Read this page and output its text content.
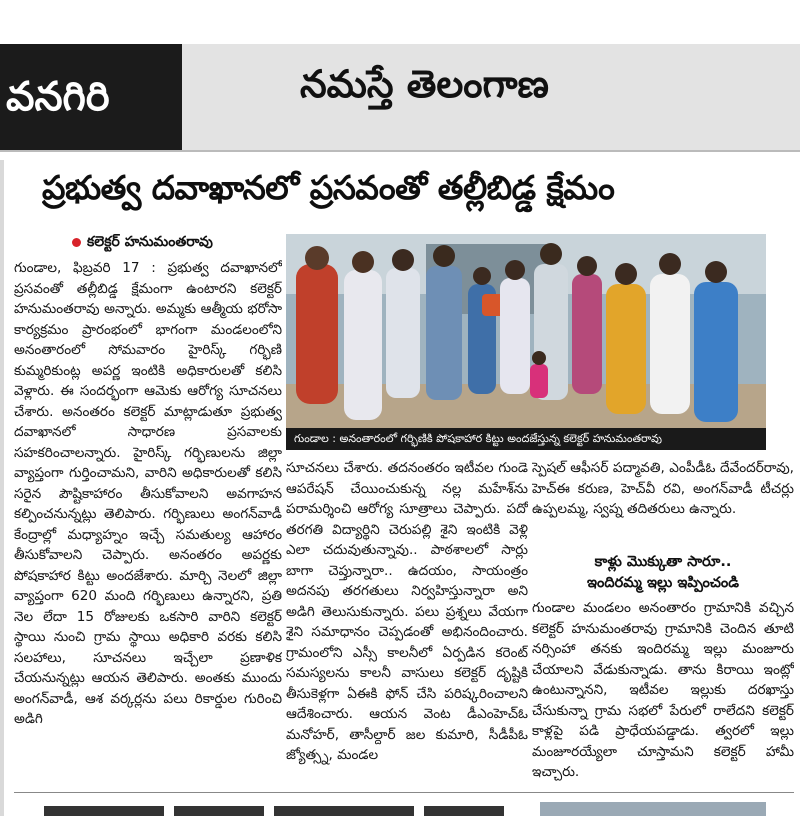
వనగిరి	నమస్తే తెలంగాణ
ప్రభుత్వ దవాఖానలో ప్రసవంతో తల్లీబిడ్డ క్షేమం
కలెక్టర్ హనుమంతరావు
గుండాల, ఫిబ్రవరి 17 : ప్రభుత్వ దవాఖానలో ప్రసవంతో తల్లీబిడ్డ క్షేమంగా ఉంటారని కలెక్టర్ హనుమంతరావు అన్నారు. అమ్మకు ఆత్మీయ భరోసా కార్యక్రమం ప్రారంభంలో భాగంగా మండలంలోని అనంతారంలో సోమవారం హైరిస్క్ గర్భిణి కుమ్మరికుంట్ల అపర్ణ ఇంటికి అధికారులతో కలిసి వెళ్లారు. ఈ సందర్భంగా ఆమెకు ఆరోగ్య సూచనలు చేశారు. అనంతరం కలెక్టర్ మాట్లాడుతూ ప్రభుత్వ దవాఖానలో సాధారణ ప్రసవాలకు సహకరించాలన్నారు. హైరిస్క్ గర్భిణులను జిల్లా వ్యాప్తంగా గుర్తించామని, వారిని అధికారులతో కలిసి సరైన పౌష్టికాహారం తీసుకోవాలని అవగాహన కల్పించనున్నట్లు తెలిపారు. గర్భిణులు అంగన్‌వాడీ కేంద్రాల్లో మధ్యాహ్నం ఇచ్చే సమతుల్య ఆహారం తీసుకోవాలని చెప్పారు. అనంతరం అపర్ణకు పోషకాహార కిట్టు అందజేశారు. మార్చి నెలలో జిల్లా వ్యాప్తంగా 620 మంది గర్భిణులు ఉన్నారని, ప్రతి నెల లేదా 15 రోజులకు ఒకసారి వారిని కలెక్టర్ స్థాయి నుంచి గ్రామ స్థాయి అధికారి వరకు కలిసి సలహాలు, సూచనలు ఇచ్చేలా ప్రణాళిక చేయనున్నట్లు ఆయన తెలిపారు. అంతకు ముందు అంగన్‌వాడీ, ఆశ వర్కర్లను పలు రికార్డుల గురించి అడిగి
గుండాల : అనంతారంలో గర్భిణికి పోషకాహార కిట్టు అందజేస్తున్న కలెక్టర్ హనుమంతరావు
సూచనలు చేశారు. తదనంతరం ఇటీవల గుండె ఆపరేషన్ చేయించుకున్న నల్ల మహేశ్‌ను పరామర్శించి ఆరోగ్య సూత్రాలు చెప్పారు. పదో తరగతి విద్యార్థిని చెరుపల్లి శైని ఇంటికి వెళ్లి ఎలా చదువుతున్నావు.. పాఠశాలలో సార్లు బాగా చెప్తున్నారా.. ఉదయం, సాయంత్రం అదనపు తరగతులు నిర్వహిస్తున్నారా అని అడిగి తెలుసుకున్నారు. పలు ప్రశ్నలు వేయగా శైని సమాధానం చెప్పడంతో అభినందించారు. గ్రామంలోని ఎస్సీ కాలనీలో ఏర్పడిన కరెంట్ సమస్యలను కాలనీ వాసులు కలెక్టర్ దృష్టికి తీసుకెళ్లగా ఏఈకి ఫోన్ చేసి పరిష్కరించాలని ఆదేశించారు. ఆయన వెంట డీఎంహెచ్ఓ మనోహర్, తాసీల్దార్ జల కుమారి, సీడీపీఓ జ్యోత్స్న, మండల
స్పెషల్ ఆఫీసర్ పద్మావతి, ఎంపీడీఓ దేవేందర్‌రావు, హెచ్ఈ కరుణ, హెచ్‌వీ రవి, అంగన్‌వాడీ టీచర్లు ఉప్పలమ్మ, స్వప్న తదితరులు ఉన్నారు.
కాళ్లు మొక్కుతా సారూ..
ఇందిరమ్మ ఇల్లు ఇప్పించండి
గుండాల మండలం అనంతారం గ్రామానికి వచ్చిన కలెక్టర్ హనుమంతరావు గ్రామానికి చెందిన తూటి నర్సింహా తనకు ఇందిరమ్మ ఇల్లు మంజూరు చేయాలని వేడుకున్నాడు. తాను కిరాయి ఇంట్లో ఉంటున్నానని, ఇటీవల ఇల్లుకు దరఖాస్తు చేసుకున్నా గ్రామ సభలో పేరులో రాలేదని కలెక్టర్ కాళ్లపై పడి ప్రాధేయపడ్డాడు. త్వరలో ఇల్లు మంజూరయ్యేలా చూస్తామని కలెక్టర్ హామీ ఇచ్చారు.
